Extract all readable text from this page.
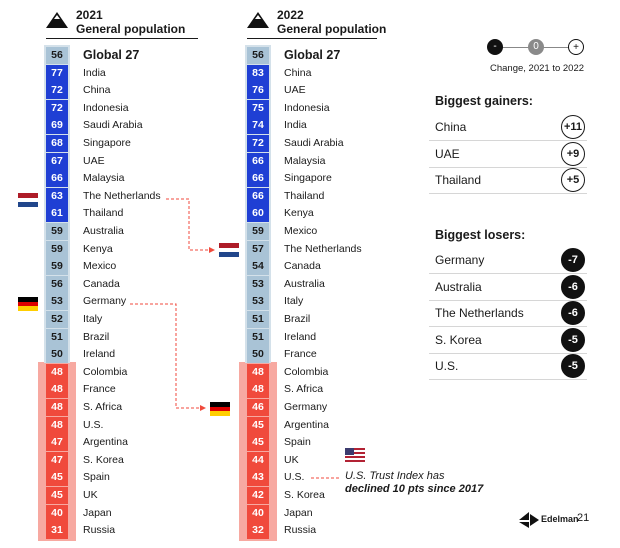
2021
General population
2022
General population
56	Global 27
77	India
72	China
72	Indonesia
69	Saudi Arabia
68	Singapore
67	UAE
66	Malaysia
63	The Netherlands
61	Thailand
59	Australia
59	Kenya
59	Mexico
56	Canada
53	Germany
52	Italy
51	Brazil
50	Ireland
48	Colombia
48	France
48	S. Africa
48	U.S.
47	Argentina
47	S. Korea
45	Spain
45	UK
40	Japan
31	Russia
56	Global 27
83	China
76	UAE
75	Indonesia
74	India
72	Saudi Arabia
66	Malaysia
66	Singapore
66	Thailand
60	Kenya
59	Mexico
57	The Netherlands
54	Canada
53	Australia
53	Italy
51	Brazil
51	Ireland
50	France
48	Colombia
48	S. Africa
46	Germany
45	Argentina
45	Spain
44	UK
43	U.S.
42	S. Korea
40	Japan
32	Russia
-	0	+
Change, 2021 to 2022
Biggest gainers:
China	+11
UAE	+9
Thailand	+5
Biggest losers:
Germany	-7
Australia	-6
The Netherlands	-6
S. Korea	-5
U.S.	-5
U.S. Trust Index has
declined 10 pts since 2017
Edelman
21
